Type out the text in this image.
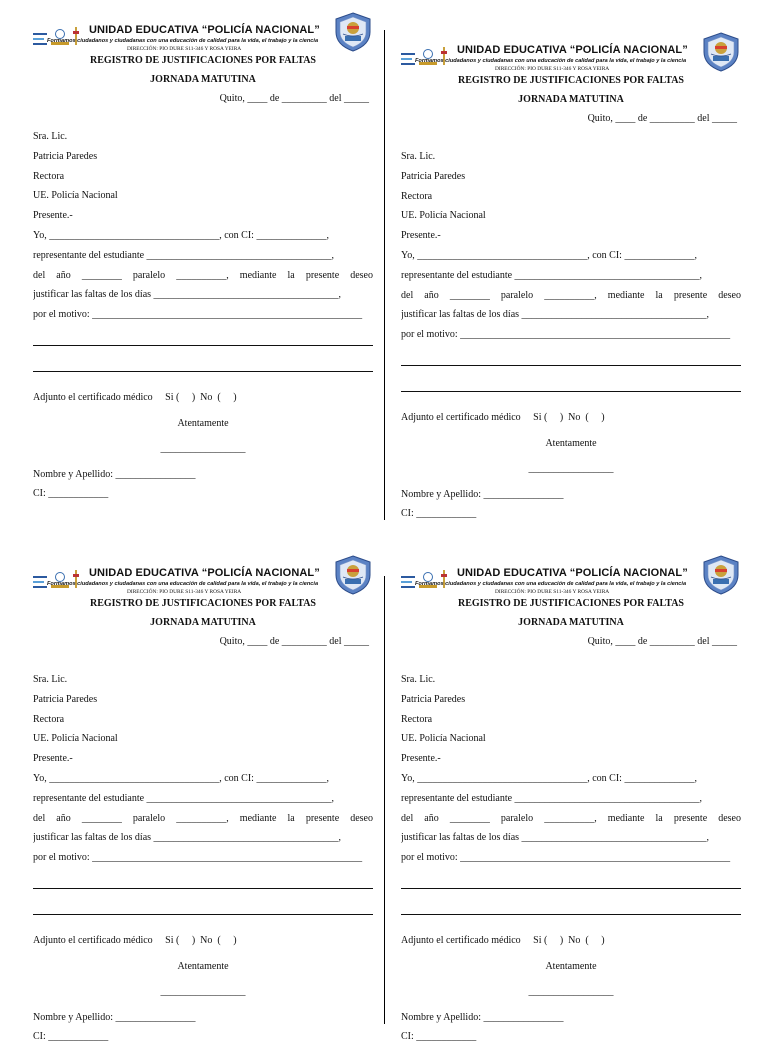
UNIDAD EDUCATIVA “POLICÍA NACIONAL”
Formamos ciudadanos y ciudadanas con una educación de calidad para la vida, el trabajo y la ciencia
DIRECCIÓN: PIO DURE S11-346 Y ROSA YEIRA
REGISTRO DE JUSTIFICACIONES POR FALTAS
JORNADA MATUTINA
Quito, ____ de _________ del _____
Sra. Lic.
Patricia Paredes
Rectora
UE. Policía Nacional
Presente.-
Yo, __________________________________, con CI: ______________,
representante del estudiante _____________________________________,
del año ________ paralelo __________, mediante la presente deseo
justificar las faltas de los días _____________________________________,
por el motivo: ______________________________________________________
Adjunto el certificado médico     Si (     )  No  (     )
Atentamente
_________________
Nombre y Apellido: ________________
CI: ____________
UNIDAD EDUCATIVA “POLICÍA NACIONAL”
Formamos ciudadanos y ciudadanas con una educación de calidad para la vida, el trabajo y la ciencia
DIRECCIÓN: PIO DURE S11-346 Y ROSA YEIRA
REGISTRO DE JUSTIFICACIONES POR FALTAS
JORNADA MATUTINA
Quito, ____ de _________ del _____
Sra. Lic.
Patricia Paredes
Rectora
UE. Policía Nacional
Presente.-
Yo, __________________________________, con CI: ______________,
representante del estudiante _____________________________________,
del año ________ paralelo __________, mediante la presente deseo
justificar las faltas de los días _____________________________________,
por el motivo: ______________________________________________________
Adjunto el certificado médico     Si (     )  No  (     )
Atentamente
_________________
Nombre y Apellido: ________________
CI: ____________
UNIDAD EDUCATIVA “POLICÍA NACIONAL”
Formamos ciudadanos y ciudadanas con una educación de calidad para la vida, el trabajo y la ciencia
DIRECCIÓN: PIO DURE S11-346 Y ROSA YEIRA
REGISTRO DE JUSTIFICACIONES POR FALTAS
JORNADA MATUTINA
Quito, ____ de _________ del _____
Sra. Lic.
Patricia Paredes
Rectora
UE. Policía Nacional
Presente.-
Yo, __________________________________, con CI: ______________,
representante del estudiante _____________________________________,
del año ________ paralelo __________, mediante la presente deseo
justificar las faltas de los días _____________________________________,
por el motivo: ______________________________________________________
Adjunto el certificado médico     Si (     )  No  (     )
Atentamente
_________________
Nombre y Apellido: ________________
CI: ____________
UNIDAD EDUCATIVA “POLICÍA NACIONAL”
Formamos ciudadanos y ciudadanas con una educación de calidad para la vida, el trabajo y la ciencia
DIRECCIÓN: PIO DURE S11-346 Y ROSA YEIRA
REGISTRO DE JUSTIFICACIONES POR FALTAS
JORNADA MATUTINA
Quito, ____ de _________ del _____
Sra. Lic.
Patricia Paredes
Rectora
UE. Policía Nacional
Presente.-
Yo, __________________________________, con CI: ______________,
representante del estudiante _____________________________________,
del año ________ paralelo __________, mediante la presente deseo
justificar las faltas de los días _____________________________________,
por el motivo: ______________________________________________________
Adjunto el certificado médico     Si (     )  No  (     )
Atentamente
_________________
Nombre y Apellido: ________________
CI: ____________
